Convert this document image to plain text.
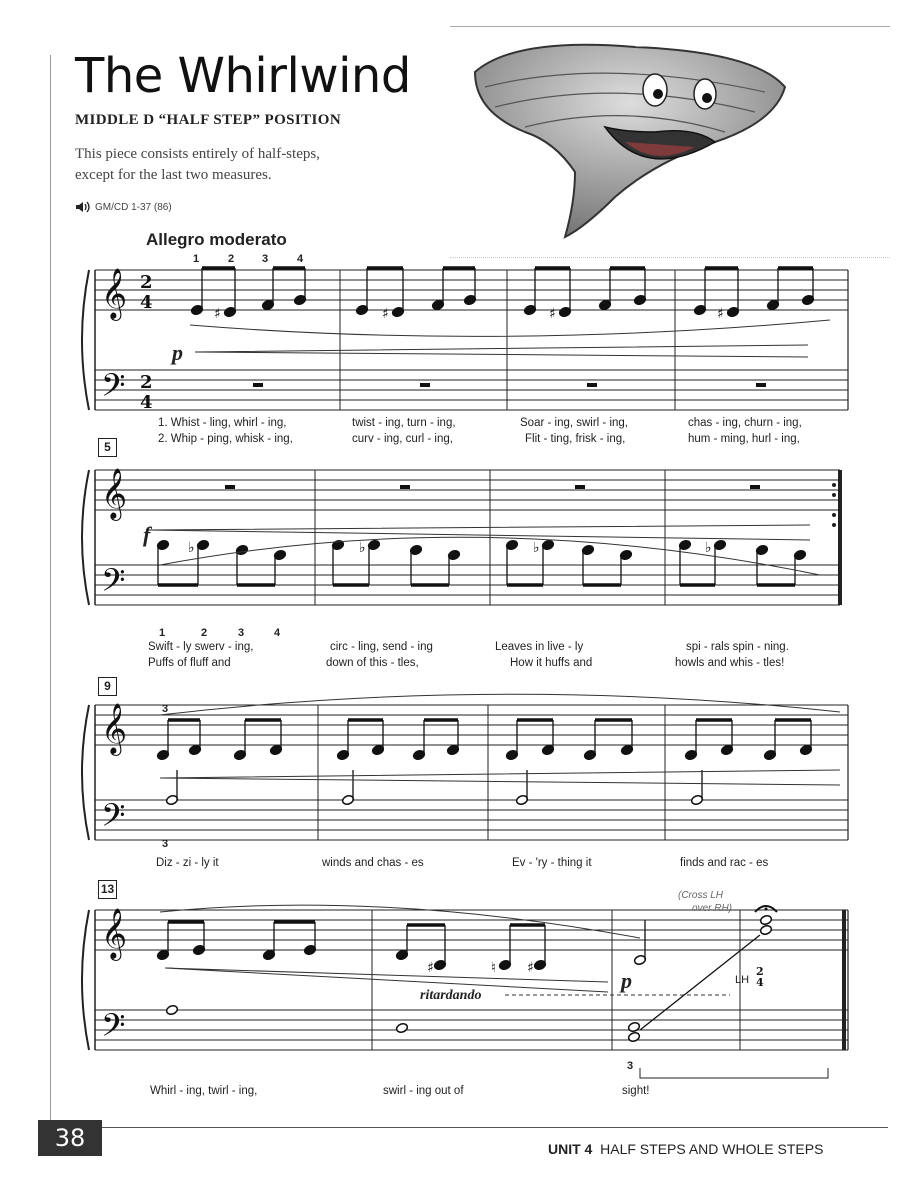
The Whirlwind
MIDDLE D “HALF STEP” POSITION
This piece consists entirely of half-steps,
except for the last two measures.
GM/CD 1-37 (86)
Allegro moderato
𝄞
𝄢
2
4
2
4
𝄞
𝄢
𝄞
𝄢
𝄞
𝄢
♯	♯	♯	♯
♭	♭	♭	♭
♯	♮ ♯	2
4
1	2	3	4
p
f
p
5
9
13
1. Whist - ling, whirl - ing,	twist - ing, turn - ing,	Soar - ing, swirl - ing,	chas - ing, churn - ing,
2. Whip - ping, whisk - ing,	curv - ing, curl - ing,	Flit - ting, frisk - ing,	hum - ming, hurl - ing,
1	2	3	4
Swift - ly swerv - ing,	circ - ling, send - ing	Leaves in live - ly	spi - rals spin - ning.
Puffs of fluff and	down of this - tles,	How it huffs and	howls and whis - tles!
3
3
Diz - zi - ly it	winds and chas - es	Ev - 'ry - thing it	finds and rac - es
(Cross LH
over RH)
ritardando
LH
3
Whirl - ing, twirl - ing,	swirl - ing out of	sight!
38	UNIT 4 HALF STEPS AND WHOLE STEPS
